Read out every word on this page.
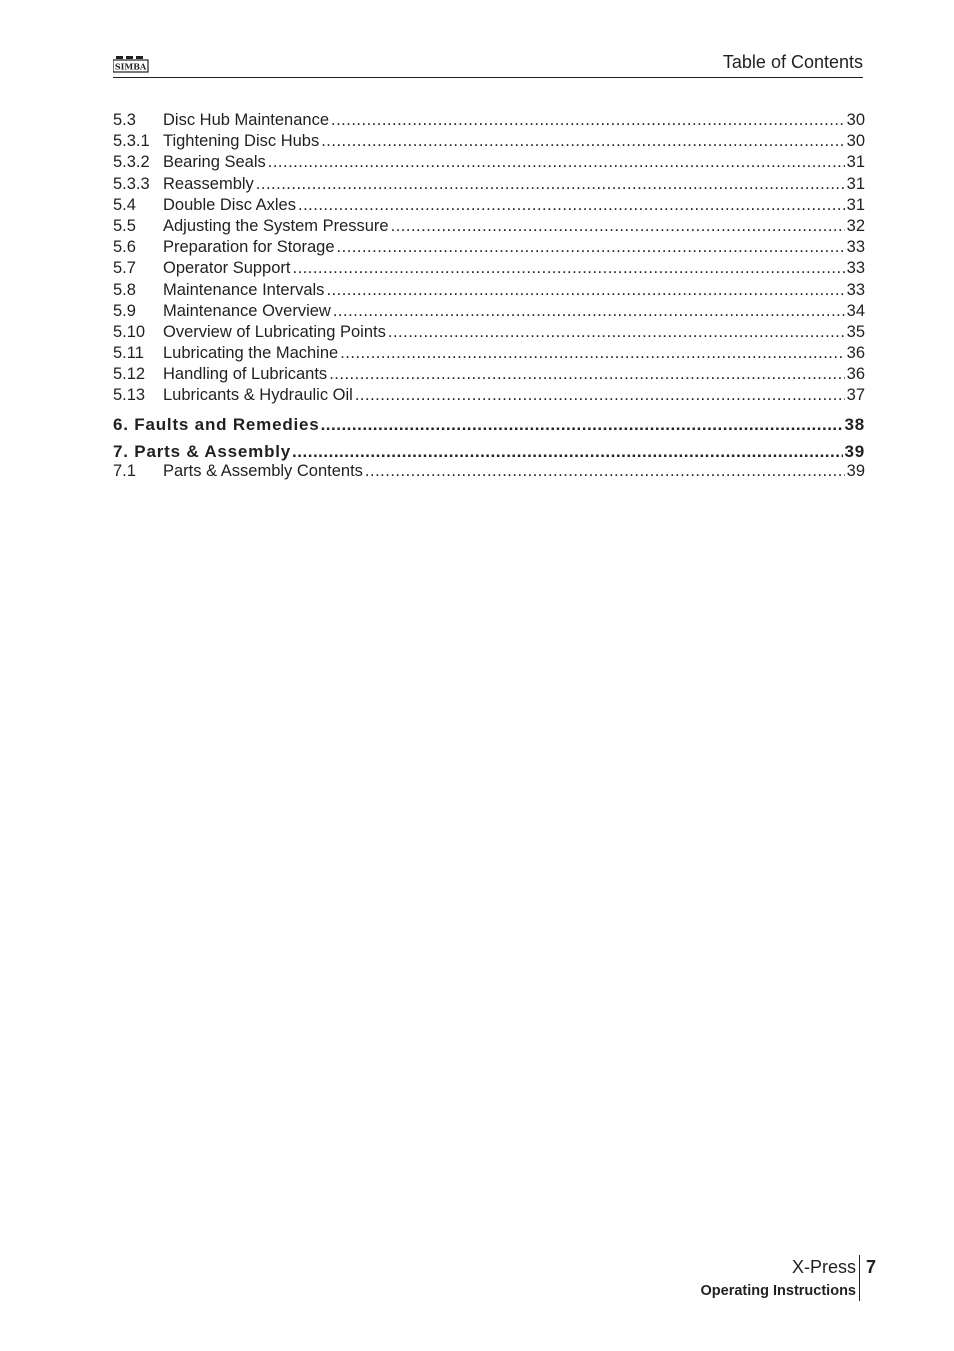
SIMBA	Table of Contents
5.3	Disc Hub Maintenance .....	30
5.3.1 Tightening Disc Hubs .....	30
5.3.2 Bearing Seals .....	31
5.3.3 Reassembly .....	31
5.4	Double Disc Axles .....	31
5.5	Adjusting the System Pressure .....	32
5.6	Preparation for Storage .....	33
5.7	Operator Support .....	33
5.8	Maintenance Intervals .....	33
5.9	Maintenance Overview .....	34
5.10	Overview of Lubricating Points .....	35
5.11	Lubricating the Machine .....	36
5.12	Handling of Lubricants .....	36
5.13	Lubricants & Hydraulic Oil .....	37
6. Faults and Remedies .....	38
7. Parts & Assembly .....	39
7.1	Parts & Assembly Contents .....	39
X-Press
Operating Instructions
7
